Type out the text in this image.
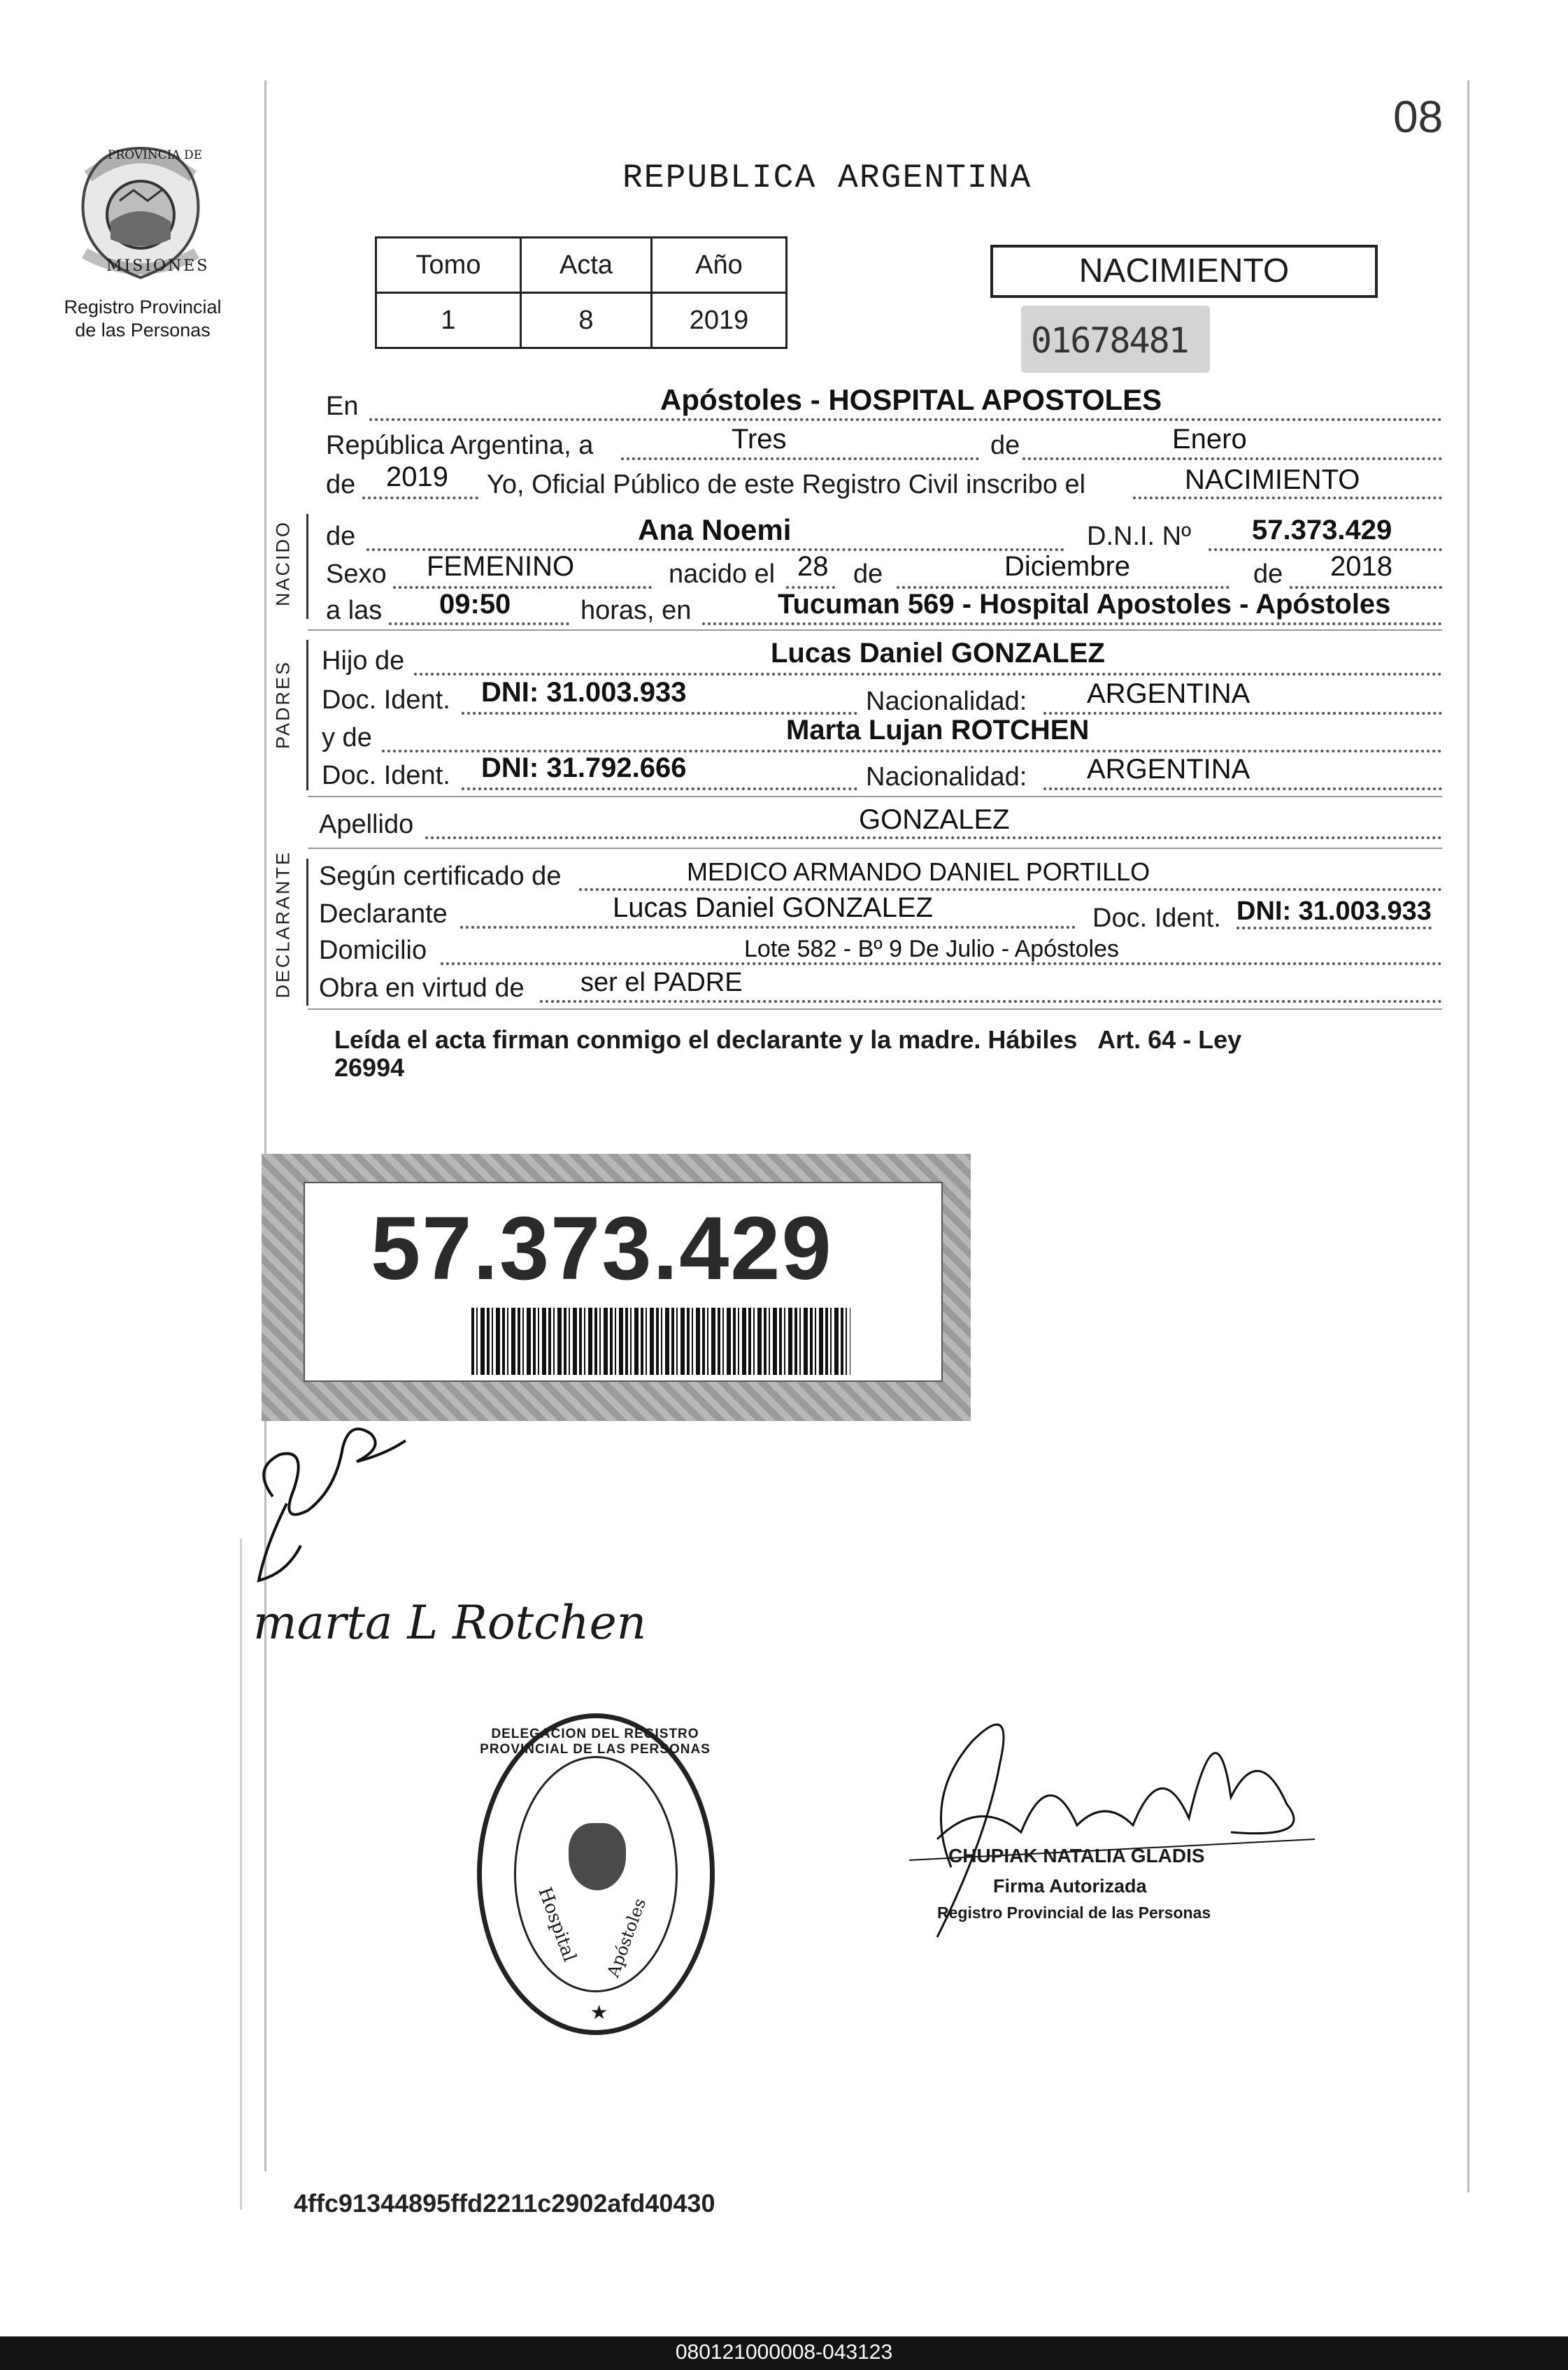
08
PROVINCIA DE
MISIONES
Registro Provincial
de las Personas
REPUBLICA ARGENTINA
Tomo	Acta	Año
1	8	2019
NACIMIENTO
01678481
En	Apóstoles - HOSPITAL APOSTOLES
República Argentina, a	Tres	de	Enero
de 2019 Yo, Oficial Público de este Registro Civil inscribo el	NACIMIENTO
NACIDO de	Ana Noemi	D.N.I. Nº 57.373.429
Sexo FEMENINO	nacido el 28 de	Diciembre	de 2018
a las 09:50	horas, en	Tucuman 569 - Hospital Apostoles - Apóstoles
PADRES Hijo de	Lucas Daniel GONZALEZ
Doc. Ident. DNI: 31.003.933	Nacionalidad: ARGENTINA
y de	Marta Lujan ROTCHEN
Doc. Ident. DNI: 31.792.666	Nacionalidad: ARGENTINA
Apellido	GONZALEZ
DECLARANTE Según certificado de	MEDICO ARMANDO DANIEL PORTILLO
Declarante	Lucas Daniel GONZALEZ	Doc. Ident. DNI: 31.003.933
Domicilio	Lote 582 - Bº 9 De Julio - Apóstoles
Obra en virtud de ser el PADRE
Leída el acta firman conmigo el declarante y la madre. Hábiles   Art. 64 - Ley
26994
57.373.429
marta L Rotchen
DELEGACION DEL REGISTRO PROVINCIAL DE LAS PERSONAS
Hospital Apóstoles
★
CHUPIAK NATALIA GLADIS
Firma Autorizada
Registro Provincial de las Personas
4ffc91344895ffd2211c2902afd40430
080121000008-043123
